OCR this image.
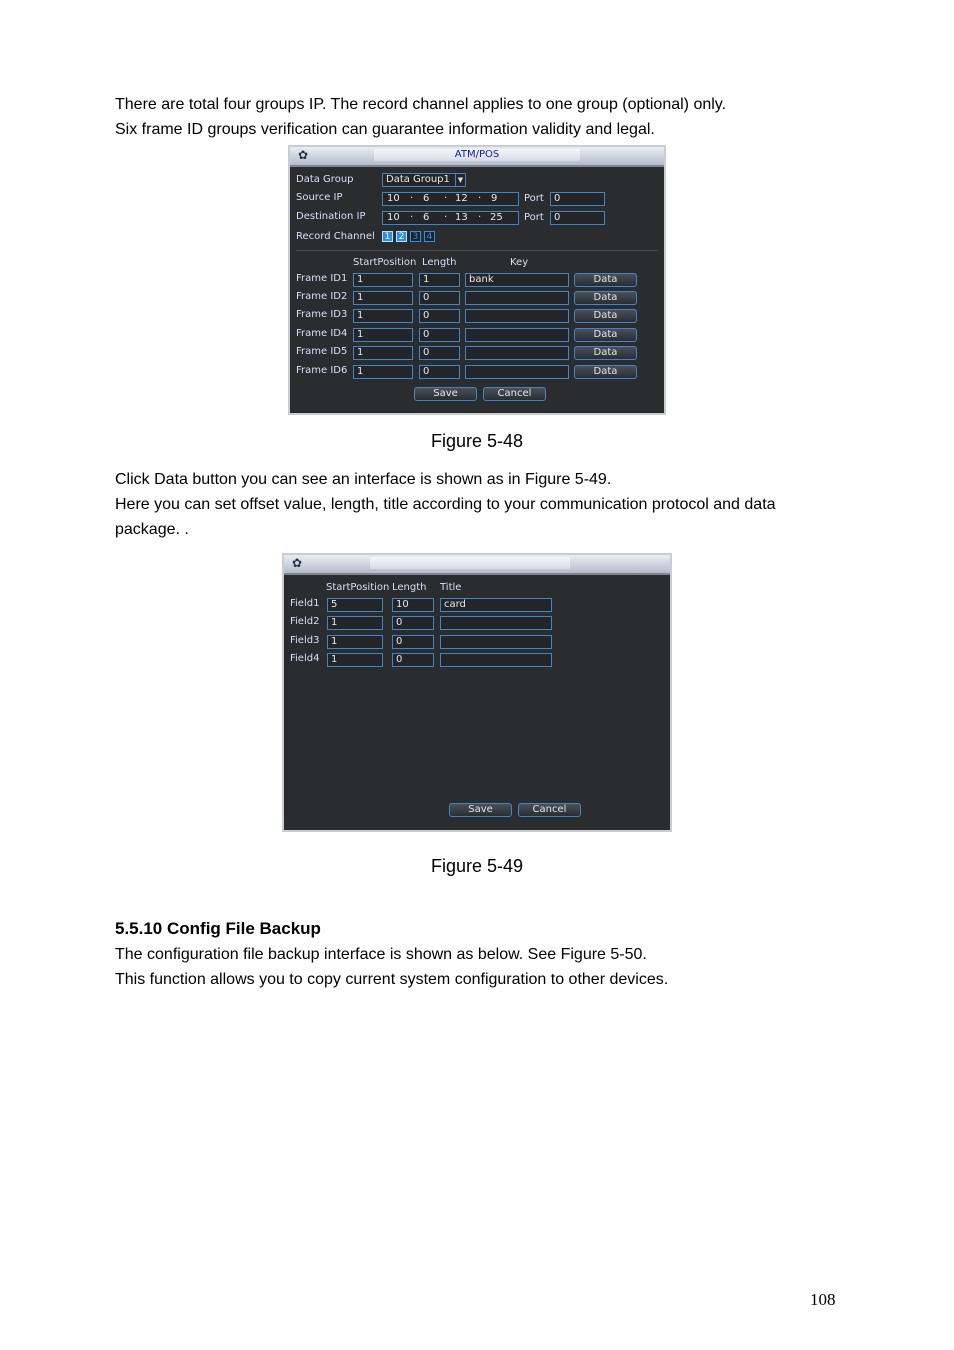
There are total four groups IP. The record channel applies to one group (optional) only.

Six frame ID groups verification can guarantee information validity and legal.

✿	ATM/POS
Data Group	Data Group1	▼
Source IP	10 · 6 · 12 · 9	Port	0
Destination IP 10 · 6 · 13 · 25 Port	0
Record Channel 1 2 3 4
StartPosition Length	Key
Frame ID1 1	1	bank	Data
Frame ID2 1	0	Data
Frame ID3 1	0	Data
Frame ID4 1	0	Data
Frame ID5 1	0	Data
Frame ID6 1	0	Data
Save	Cancel
Figure 5-48

Click Data button you can see an interface is shown as in Figure 5-49.

Here you can set offset value, length, title according to your communication protocol and data

package. .

✿
StartPosition Length Title
Field1	5	10	card
Field2	1	0
Field3	1	0
Field4	1	0
Save	Cancel
Figure 5-49
5.5.10 Config File Backup

The configuration file backup interface is shown as below. See Figure 5-50.

This function allows you to copy current system configuration to other devices.

108
